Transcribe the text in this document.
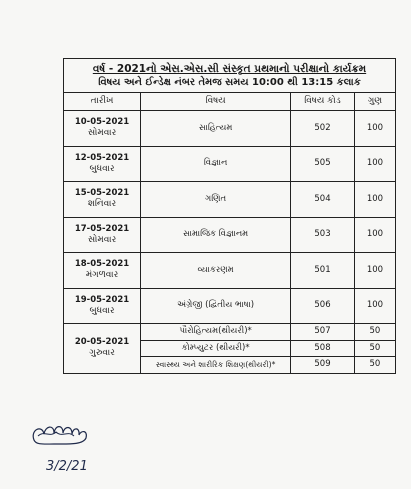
વર્ષ - 2021નો એસ.એસ.સી સંસ્કૃત પ્રથમાનો પરીક્ષાનો કાર્યક્રમ
વિષય અને ઈન્ડેક્ષ નંબર તેમજ સમય 10:00 થી 13:15 કલાક
તારીખ	વિષય	વિષય કોડ	ગુણ

10-05-2021
સોમવાર	સાહિત્યમ	502	100

12-05-2021
બુધવાર	વિજ્ઞાન	505	100

15-05-2021
શનિવાર	ગણિત	504	100

17-05-2021
સોમવાર	સામાજિક વિજ્ઞાનમ	503	100

18-05-2021
મંગળવાર	વ્યાકરણમ	501	100

19-05-2021
બુધવાર	અંગ્રેજી (દ્વિતીય ભાષા)	506	100

20-05-2021
ગુરુવાર	પૌરોહિત્યમ(થીયરી)*	507	50
	કોમ્પ્યુટર (થીયરી)*	508	50
	સ્વાસ્થ્ય અને શારીરિક શિક્ષણ(થીયરી)*	509	50
3/2/21
